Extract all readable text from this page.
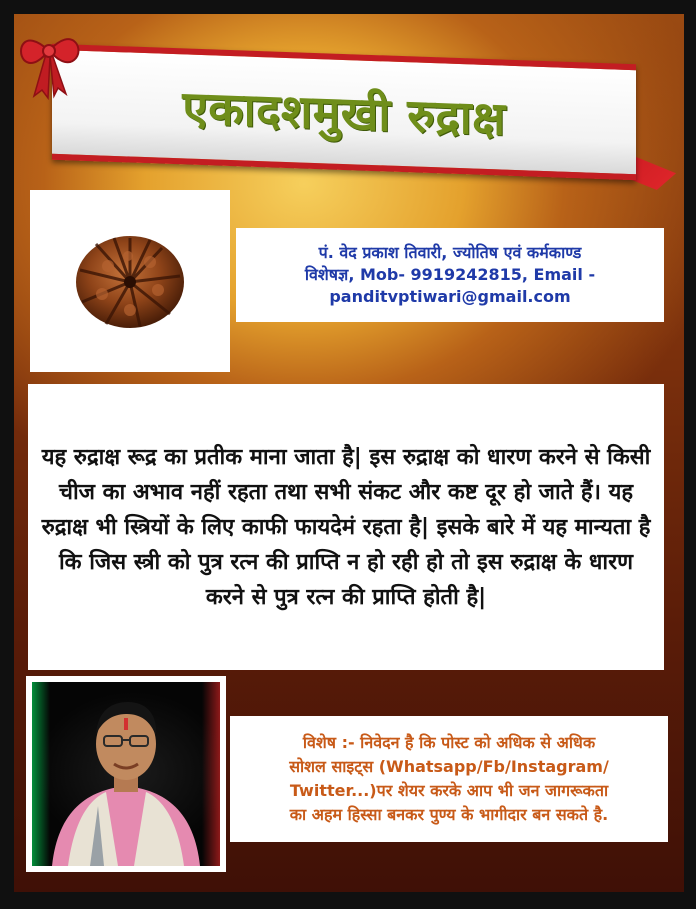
एकादशमुखी रुद्राक्ष
पं. वेद प्रकाश तिवारी, ज्योतिष एवं कर्मकाण्ड
विशेषज्ञ, Mob- 9919242815, Email -
panditvptiwari@gmail.com
यह रुद्राक्ष रूद्र का प्रतीक माना जाता है| इस रुद्राक्ष को धारण करने से किसी चीज का अभाव नहीं रहता तथा सभी संकट और कष्ट दूर हो जाते हैं। यह रुद्राक्ष भी स्त्रियों के लिए काफी फायदेमं रहता है| इसके बारे में यह मान्यता है कि जिस स्त्री को पुत्र रत्न की प्राप्ति न हो रही हो तो इस रुद्राक्ष के धारण करने से पुत्र रत्न की प्राप्ति होती है|
विशेष :- निवेदन है कि पोस्ट को अधिक से अधिक
सोशल साइट्स (Whatsapp/Fb/Instagram/
Twitter...)पर शेयर करके आप भी जन जागरूकता
का अहम हिस्सा बनकर पुण्य के भागीदार बन सकते है.
